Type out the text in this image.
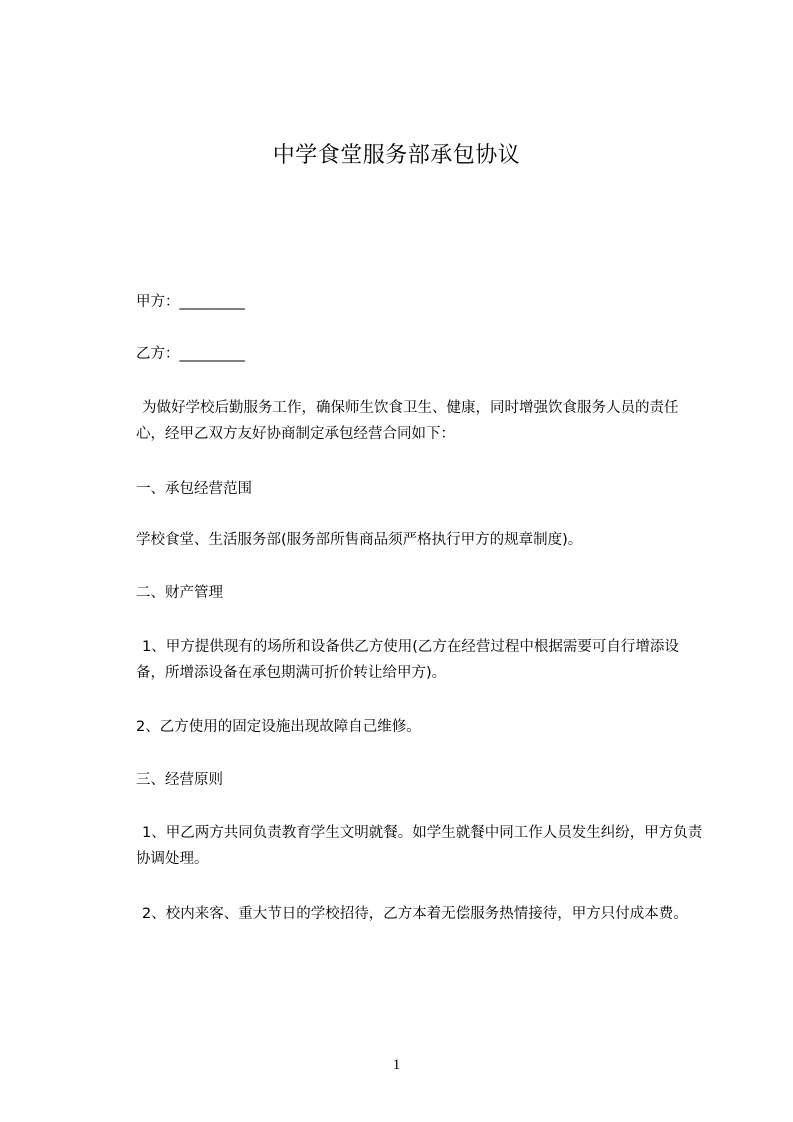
中学食堂服务部承包协议
甲方：_________
乙方：_________
为做好学校后勤服务工作，确保师生饮食卫生、健康，同时增强饮食服务人员的责任心，经甲乙双方友好协商制定承包经营合同如下：
一、承包经营范围
学校食堂、生活服务部(服务部所售商品须严格执行甲方的规章制度)。
二、财产管理
1、甲方提供现有的场所和设备供乙方使用(乙方在经营过程中根据需要可自行增添设备，所增添设备在承包期满可折价转让给甲方)。
2、乙方使用的固定设施出现故障自己维修。
三、经营原则
1、甲乙两方共同负责教育学生文明就餐。如学生就餐中同工作人员发生纠纷，甲方负责协调处理。
2、校内来客、重大节日的学校招待，乙方本着无偿服务热情接待，甲方只付成本费。
1
